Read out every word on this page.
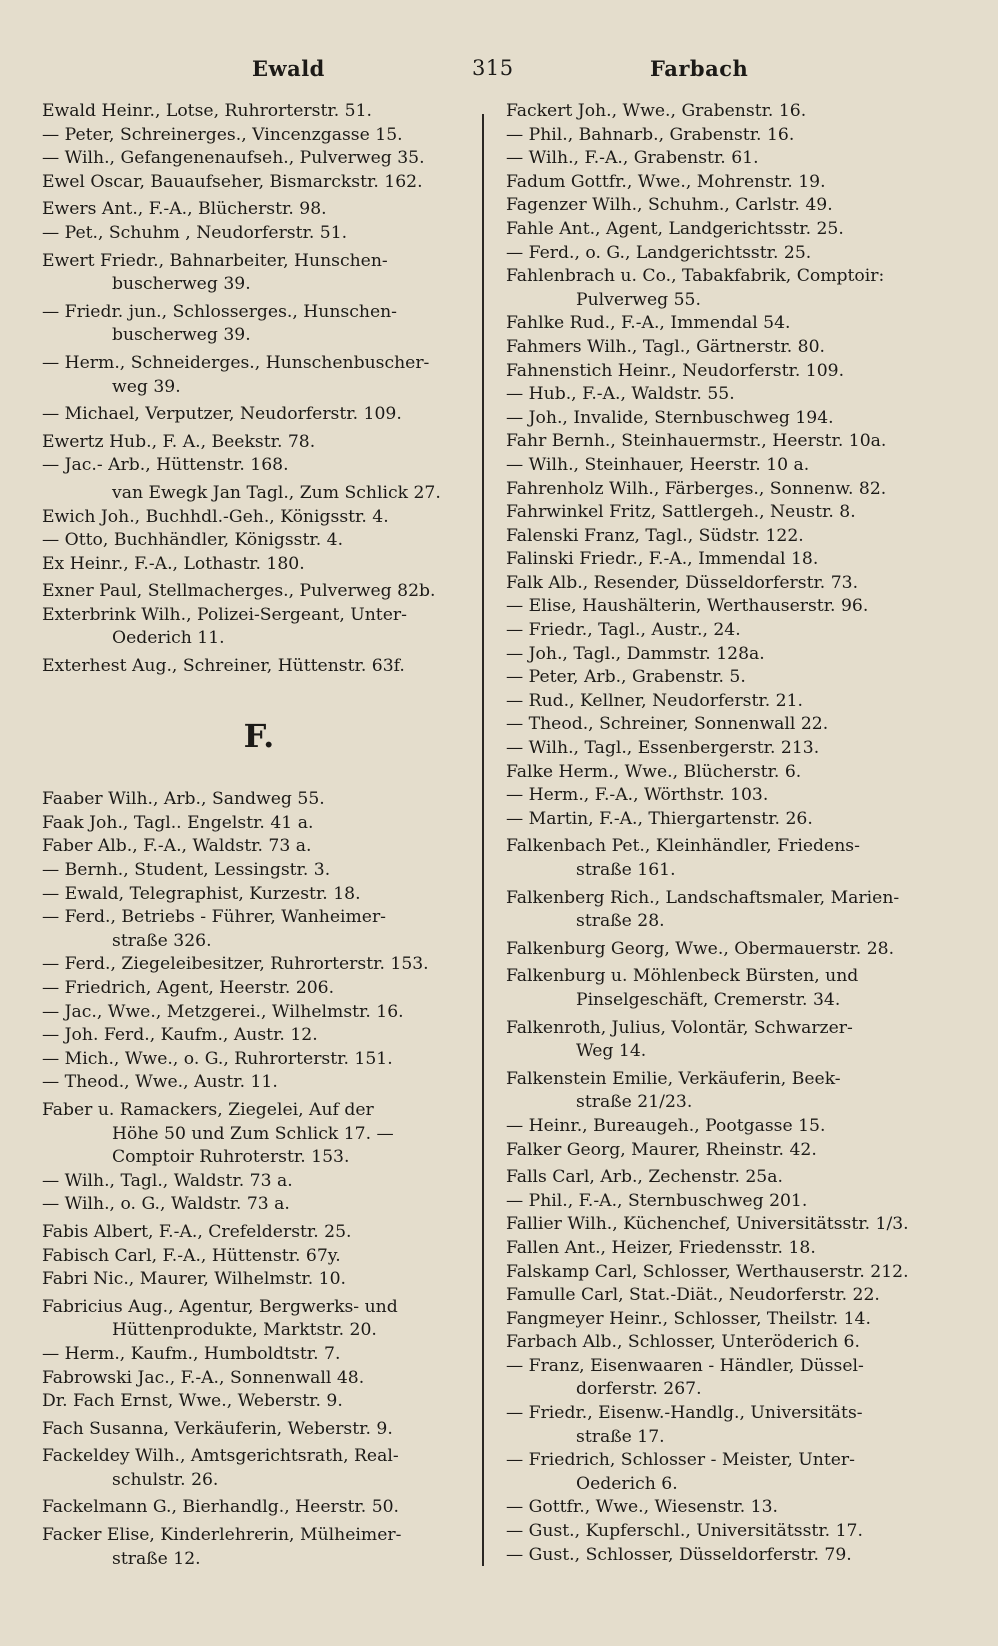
Ewald	315	Farbach

Ewald Heinr., Lotse, Ruhrorterstr. 51.

— Peter, Schreinerges., Vincenzgasse 15.

— Wilh., Gefangenenaufseh., Pulverweg 35.

Ewel Oscar, Bauaufseher, Bismarckstr. 162.

Ewers Ant., F.-A., Blücherstr. 98.

— Pet., Schuhm , Neudorferstr. 51.

Ewert Friedr., Bahnarbeiter, Hunschen-

buscherweg 39.

— Friedr. jun., Schlosserges., Hunschen-

buscherweg 39.

— Herm., Schneiderges., Hunschenbuscher-

weg 39.

— Michael, Verputzer, Neudorferstr. 109.

Ewertz Hub., F. A., Beekstr. 78.

— Jac.- Arb., Hüttenstr. 168.

van Ewegk Jan Tagl., Zum Schlick 27.

Ewich Joh., Buchhdl.-Geh., Königsstr. 4.

— Otto, Buchhändler, Königsstr. 4.

Ex Heinr., F.-A., Lothastr. 180.

Exner Paul, Stellmacherges., Pulverweg 82b.

Exterbrink Wilh., Polizei-Sergeant, Unter-

Oederich 11.

Exterhest Aug., Schreiner, Hüttenstr. 63f.

F.

Faaber Wilh., Arb., Sandweg 55.

Faak Joh., Tagl.. Engelstr. 41 a.

Faber Alb., F.-A., Waldstr. 73 a.

— Bernh., Student, Lessingstr. 3.

— Ewald, Telegraphist, Kurzestr. 18.

— Ferd., Betriebs - Führer, Wanheimer-

straße 326.

— Ferd., Ziegeleibesitzer, Ruhrorterstr. 153.

— Friedrich, Agent, Heerstr. 206.

— Jac., Wwe., Metzgerei., Wilhelmstr. 16.

— Joh. Ferd., Kaufm., Austr. 12.

— Mich., Wwe., o. G., Ruhrorterstr. 151.

— Theod., Wwe., Austr. 11.

Faber u. Ramackers, Ziegelei, Auf der

Höhe 50 und Zum Schlick 17. —

Comptoir Ruhroterstr. 153.

— Wilh., Tagl., Waldstr. 73 a.

— Wilh., o. G., Waldstr. 73 a.

Fabis Albert, F.-A., Crefelderstr. 25.

Fabisch Carl, F.-A., Hüttenstr. 67y.

Fabri Nic., Maurer, Wilhelmstr. 10.

Fabricius Aug., Agentur, Bergwerks- und

Hüttenprodukte, Marktstr. 20.

— Herm., Kaufm., Humboldtstr. 7.

Fabrowski Jac., F.-A., Sonnenwall 48.

Dr. Fach Ernst, Wwe., Weberstr. 9.

Fach Susanna, Verkäuferin, Weberstr. 9.

Fackeldey Wilh., Amtsgerichtsrath, Real-

schulstr. 26.

Fackelmann G., Bierhandlg., Heerstr. 50.

Facker Elise, Kinderlehrerin, Mülheimer-

straße 12.

Fackert Joh., Wwe., Grabenstr. 16.

— Phil., Bahnarb., Grabenstr. 16.

— Wilh., F.-A., Grabenstr. 61.

Fadum Gottfr., Wwe., Mohrenstr. 19.

Fagenzer Wilh., Schuhm., Carlstr. 49.

Fahle Ant., Agent, Landgerichtsstr. 25.

— Ferd., o. G., Landgerichtsstr. 25.

Fahlenbrach u. Co., Tabakfabrik, Comptoir:

Pulverweg 55.

Fahlke Rud., F.-A., Immendal 54.

Fahmers Wilh., Tagl., Gärtnerstr. 80.

Fahnenstich Heinr., Neudorferstr. 109.

— Hub., F.-A., Waldstr. 55.

— Joh., Invalide, Sternbuschweg 194.

Fahr Bernh., Steinhauermstr., Heerstr. 10a.

— Wilh., Steinhauer, Heerstr. 10 a.

Fahrenholz Wilh., Färberges., Sonnenw. 82.

Fahrwinkel Fritz, Sattlergeh., Neustr. 8.

Falenski Franz, Tagl., Südstr. 122.

Falinski Friedr., F.-A., Immendal 18.

Falk Alb., Resender, Düsseldorferstr. 73.

— Elise, Haushälterin, Werthauserstr. 96.

— Friedr., Tagl., Austr., 24.

— Joh., Tagl., Dammstr. 128a.

— Peter, Arb., Grabenstr. 5.

— Rud., Kellner, Neudorferstr. 21.

— Theod., Schreiner, Sonnenwall 22.

— Wilh., Tagl., Essenbergerstr. 213.

Falke Herm., Wwe., Blücherstr. 6.

— Herm., F.-A., Wörthstr. 103.

— Martin, F.-A., Thiergartenstr. 26.

Falkenbach Pet., Kleinhändler, Friedens-

straße 161.

Falkenberg Rich., Landschaftsmaler, Marien-

straße 28.

Falkenburg Georg, Wwe., Obermauerstr. 28.

Falkenburg u. Möhlenbeck Bürsten, und

Pinselgeschäft, Cremerstr. 34.

Falkenroth, Julius, Volontär, Schwarzer-

Weg 14.

Falkenstein Emilie, Verkäuferin, Beek-

straße 21/23.

— Heinr., Bureaugeh., Pootgasse 15.

Falker Georg, Maurer, Rheinstr. 42.

Falls Carl, Arb., Zechenstr. 25a.

— Phil., F.-A., Sternbuschweg 201.

Fallier Wilh., Küchenchef, Universitätsstr. 1/3.

Fallen Ant., Heizer, Friedensstr. 18.

Falskamp Carl, Schlosser, Werthauserstr. 212.

Famulle Carl, Stat.-Diät., Neudorferstr. 22.

Fangmeyer Heinr., Schlosser, Theilstr. 14.

Farbach Alb., Schlosser, Unteröderich 6.

— Franz, Eisenwaaren - Händler, Düssel-

dorferstr. 267.

— Friedr., Eisenw.-Handlg., Universitäts-

straße 17.

— Friedrich, Schlosser - Meister, Unter-

Oederich 6.

— Gottfr., Wwe., Wiesenstr. 13.

— Gust., Kupferschl., Universitätsstr. 17.

— Gust., Schlosser, Düsseldorferstr. 79.
